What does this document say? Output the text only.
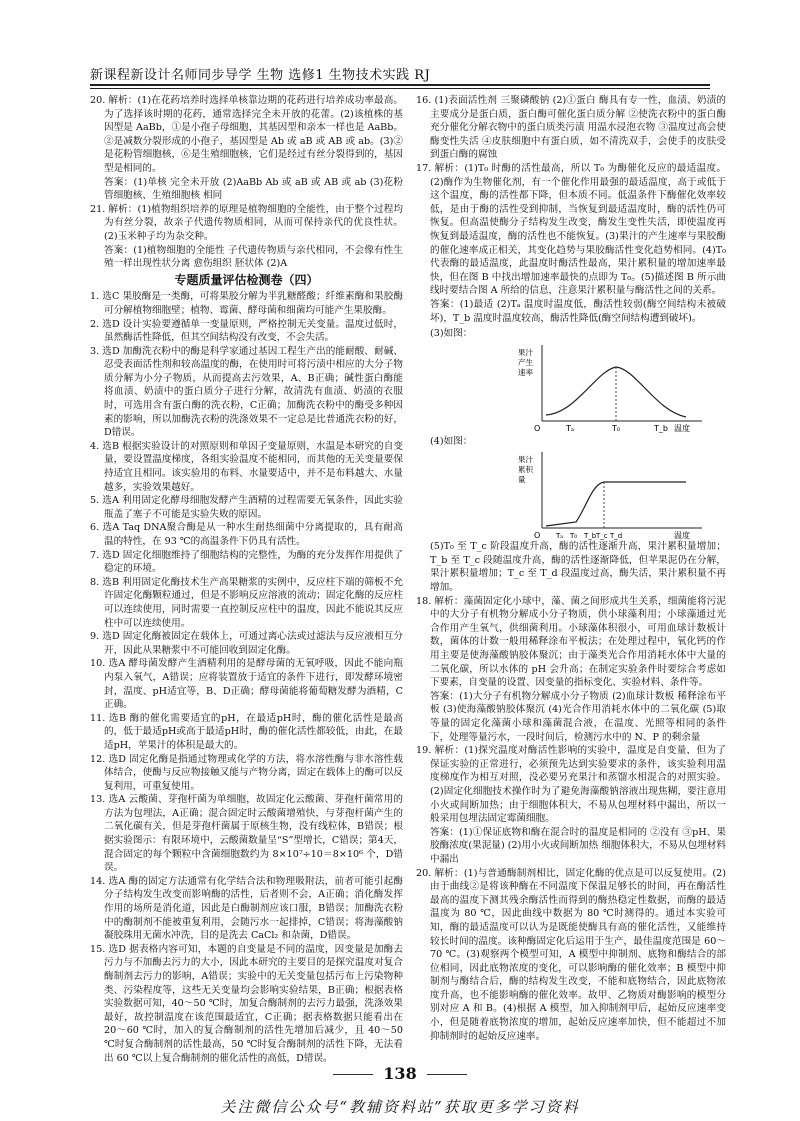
新课程新设计名师同步导学 生物 选修1 生物技术实践 RJ
20. 解析：(1)在花药培养时选择单核靠边期的花药进行培养成功率最高。为了选择该时期的花药，通常选择完全未开放的花蕾。(2)该植株的基因型是 AaBb，①是小孢子母细胞，其基因型和亲本一样也是 AaBb。②是减数分裂形成的小孢子，基因型是 Ab 或 aB 或 AB 或 ab。(3)②是花粉管细胞核，⑥是生殖细胞核，它们是经过有丝分裂得到的，基因型是相同的。
答案：(1)单核 完全未开放 (2)AaBb Ab 或 aB 或 AB 或 ab (3)花粉管细胞核、生殖细胞核 相同
21. 解析：(1)植物组织培养的原理是植物细胞的全能性，由于整个过程均为有丝分裂，故亲子代遗传物质相同，从而可保持亲代的优良性状。(2)玉米种子均为杂交种。
答案：(1)植物细胞的全能性 子代遗传物质与亲代相同，不会像有性生殖一样出现性状分离 愈伤组织 胚状体 (2)A
专题质量评估检测卷（四）
1. 选C 果胶酶是一类酶，可将果胶分解为半乳糖醛酸；纤维素酶和果胶酶可分解植物细胞壁；植物、霉菌、酵母菌和细菌均可能产生果胶酶。
2. 选D 设计实验要遵循单一变量原则，严格控制无关变量。温度过低时，虽然酶活性降低，但其空间结构没有改变，不会失活。
3. 选D 加酶洗衣粉中的酶是科学家通过基因工程生产出的能耐酸、耐碱、忍受表面活性剂和较高温度的酶，在使用时可将污渍中相应的大分子物质分解为小分子物质，从而提高去污效果，A、B正确；碱性蛋白酶能将血渍、奶渍中的蛋白质分子进行分解，故清洗有血渍、奶渍的衣服时，可选用含有蛋白酶的洗衣粉，C正确；加酶洗衣粉中的酶受多种因素的影响，所以加酶洗衣粉的洗涤效果不一定总是比普通洗衣粉的好，D错误。
4. 选B 根据实验设计的对照原则和单因子变量原则，水温是本研究的自变量，要设置温度梯度，各组实验温度不能相同，而其他的无关变量要保持适宜且相同。该实验用的布料、水量要适中，并不是布料越大、水量越多，实验效果越好。
5. 选A 利用固定化酵母细胞发酵产生酒精的过程需要无氧条件，因此实验瓶盖了塞子不可能是实验失败的原因。
6. 选A Taq DNA聚合酶是从一种水生耐热细菌中分离提取的，具有耐高温的特性，在 93 ℃的高温条件下仍具有活性。
7. 选D 固定化细胞维持了细胞结构的完整性，为酶的充分发挥作用提供了稳定的环境。
8. 选B 利用固定化酶技术生产高果糖浆的实例中，反应柱下端的筛板不允许固定化酶颗粒通过，但是不影响反应溶液的流动；固定化酶的反应柱可以连续使用，同时需要一直控制反应柱中的温度，因此不能说其反应柱中可以连续使用。
9. 选D 固定化酶被固定在载体上，可通过离心法或过滤法与反应液相互分开，因此从果糖浆中不可能回收到固定化酶。
10. 选A 酵母菌发酵产生酒精利用的是酵母菌的无氧呼吸，因此不能向瓶内泵入氧气，A错误；应将装置放于适宜的条件下进行，即发酵环境密封，温度、pH适宜等，B、D正确；酵母菌能将葡萄糖发酵为酒精，C正确。
11. 选B 酶的催化需要适宜的pH，在最适pH时，酶的催化活性是最高的，低于最适pH或高于最适pH时，酶的催化活性都较低，由此，在最适pH，苹果汁的体积是最大的。
12. 选D 固定化酶是指通过物理或化学的方法，将水溶性酶与非水溶性载体结合，使酶与反应物接触又能与产物分离，固定在载体上的酶可以反复利用，可重复使用。
13. 选A 云酸菌、芽孢杆菌为单细胞，故固定化云酸菌、芽孢杆菌常用的方法为包埋法，A正确；混合固定时云酸菌增殖快，与芽孢杆菌产生的二氧化碳有关，但是芽孢杆菌属于原核生物，没有线粒体，B错误；根据实验图示：有限环境中，云酸菌数量呈“S”型增长，C错误；第4天，混合固定的每个颗粒中含菌细胞数约为 8×10⁷÷10＝8×10⁶ 个，D错误。
14. 选A 酶的固定方法通常有化学结合法和物理吸附法，前者可能引起酶分子结构发生改变而影响酶的活性，后者则不会，A正确；消化酶发挥作用的场所是消化道，因此是白酶制剂应该口服，B错误；加酶洗衣粉中的酶制剂不能被重复利用，会随污水一起排掉，C错误；将海藻酸钠凝胶珠用无菌水冲洗，目的是洗去 CaCl₂ 和杂菌，D错误。
15. 选D 据表格内容可知，本题的自变量是不同的温度，因变量是加酶去污力与不加酶去污力的大小，因此本研究的主要目的是探究温度对复合酶制剂去污力的影响，A错误；实验中的无关变量包括污布上污染物种类、污染程度等，这些无关变量均会影响实验结果，B正确；根据表格实验数据可知，40～50 ℃时，加复合酶制剂的去污力最强，洗涤效果最好，故控制温度在该范围最适宜，C正确；据表格数据只能看出在 20～60 ℃时，加入的复合酶制剂的活性先增加后减少，且 40～50 ℃时复合酶制剂的活性最高，50 ℃时复合酶制剂的活性下降，无法看出 60 ℃以上复合酶制剂的催化活性的高低，D错误。
16. (1)表面活性剂 三聚磷酸钠 (2)①蛋白 酶具有专一性，血渍、奶渍的主要成分是蛋白质，蛋白酶可催化蛋白质分解 ②使洗衣粉中的蛋白酶充分催化分解衣物中的蛋白质类污渍 用温水浸泡衣物 ③温度过高会使酶变性失活 ④皮肤细胞中有蛋白质，如不清洗双手，会使手的皮肤受到蛋白酶的腐蚀
17. 解析：(1)T₀ 时酶的活性最高，所以 T₀ 为酶催化反应的最适温度。(2)酶作为生物催化剂，有一个催化作用最强的最适温度，高于或低于这个温度，酶的活性都下降，但本质不同。低温条件下酶催化效率较低，是由于酶的活性受到抑制，当恢复到最适温度时，酶的活性仍可恢复。但高温使酶分子结构发生改变，酶发生变性失活，即使温度再恢复到最适温度，酶的活性也不能恢复。(3)果汁的产生速率与果胶酶的催化速率成正相关，其变化趋势与果胶酶活性变化趋势相同。(4)T₀ 代表酶的最适温度，此温度时酶活性最高，果汁累积量的增加速率最快，但在图 B 中找出增加速率最快的点即为 T₀。(5)描述图 B 所示曲线时要结合图 A 所给的信息，注意果汁累积量与酶活性之间的关系。
答案：(1)最适 (2)Tₐ 温度时温度低，酶活性较弱(酶空间结构未被破坏)，T_b 温度时温度较高，酶活性降低(酶空间结构遭到破坏)。
(3)如图：
果汁
产生
速率
O	Tₐ	T₀	T_b 温度
(4)如图：
果汁
累积
量
O Tₐ T₀ T_b T_c T_d	温度
(5)T₀ 至 T_c 阶段温度升高，酶的活性逐渐升高，果汁累积量增加；T_b 至 T_c 段随温度升高，酶的活性逐渐降低，但苹果泥仍在分解，果汁累积量增加；T_c 至 T_d 段温度过高，酶失活，果汁累积量不再增加。
18. 解析：藻菌固定化小球中，藻、菌之间形成共生关系，细菌能将污泥中的大分子有机物分解成小分子物质，供小球藻利用；小球藻通过光合作用产生氧气，供细菌利用。小球藻体积很小，可用血球计数板计数，菌体的计数一般用稀释涂布平板法；在处理过程中，氧化钙的作用主要是使海藻酸钠胶体聚沉；由于藻类光合作用消耗水体中大量的二氧化碳，所以水体的 pH 会升高；在制定实验条件时要综合考虑如下要素，自变量的设置、因变量的指标变化、实验材料、条件等。
答案：(1)大分子有机物分解成小分子物质 (2)血球计数板 稀释涂布平板 (3)使海藻酸钠胶体聚沉 (4)光合作用消耗水体中的二氧化碳 (5)取等量的固定化藻菌小球和藻菌混合液，在温度、光照等相同的条件下，处理等量污水，一段时间后，检测污水中的 N、P 的剩余量
19. 解析：(1)探究温度对酶活性影响的实验中，温度是自变量，但为了保证实验的正常进行，必须预先达到实验要求的条件，该实验利用温度梯度作为相互对照，没必要另充果汁和蒸馏水相混合的对照实验。(2)固定化细胞技术操作时为了避免海藻酸钠溶液出现焦糊，要注意用小火或间断加热；由于细胞体积大，不易从包埋材料中漏出，所以一般采用包埋法固定霉菌细胞。
答案：(1)①保证底物和酶在混合时的温度是相同的 ②没有 ③pH、果胶酶浓度(果泥量) (2)用小火或间断加热 细胞体积大，不易从包埋材料中漏出
20. 解析：(1)与普通酶制剂相比，固定化酶的优点是可以反复使用。(2)由于曲线②是将该种酶在不同温度下保温足够长的时间，再在酶活性最高的温度下测其残余酶活性而得到的酶热稳定性数据，而酶的最适温度为 80 ℃，因此曲线中数据为 80 ℃时测得的。通过本实验可知，酶的最适温度可以认为是既能使酶具有高的催化活性，又能维持较长时间的温度。该种酶固定化后运用于生产，最佳温度范围是 60～70 ℃。(3)观察两个模型可知，A 模型中抑制剂、底物和酶结合的部位相同，因此底物浓度的变化，可以影响酶的催化效率；B 模型中抑制剂与酶结合后，酶的结构发生改变，不能和底物结合，因此底物浓度升高，也不能影响酶的催化效率。故甲、乙物质对酶影响的模型分别对应 A 和 B。(4)根据 A 模型，加入抑制剂甲后，起始反应速率变小，但是随着底物浓度的增加，起始反应速率加快，但不能超过不加抑制剂时的起始反应速率。
138
关注微信公众号“教辅资料站”获取更多学习资料
